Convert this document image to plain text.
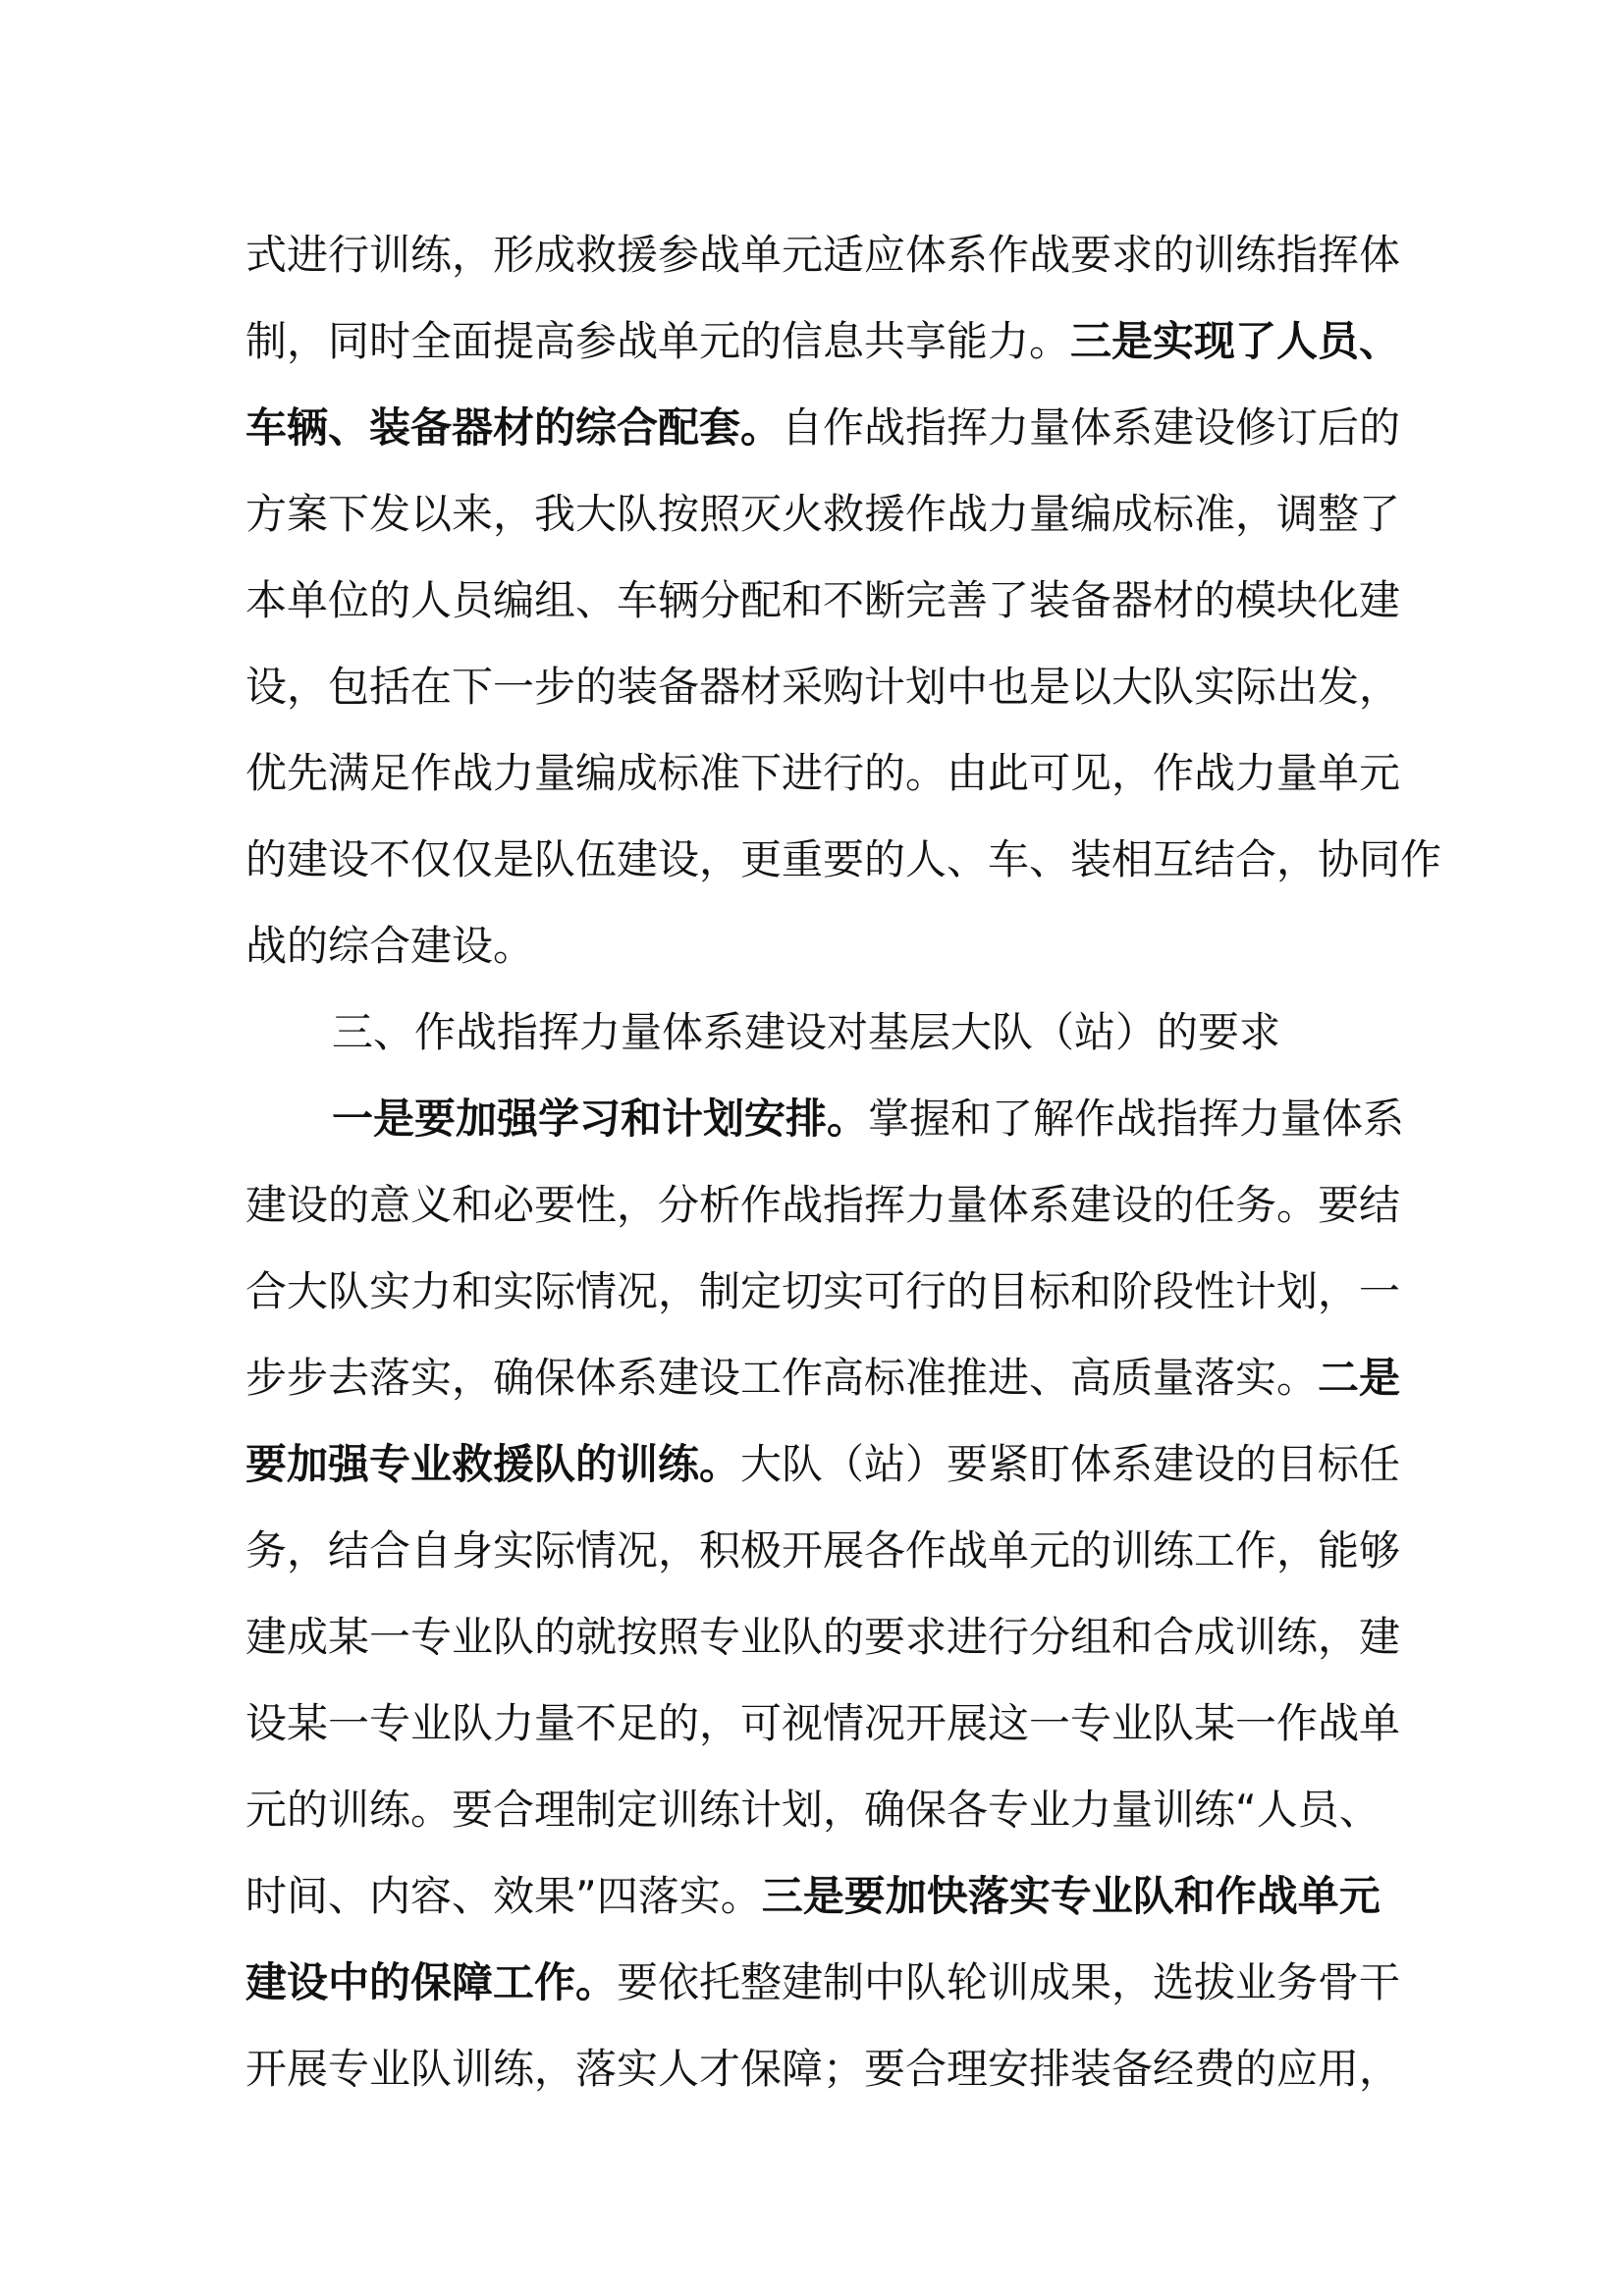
式进行训练，形成救援参战单元适应体系作战要求的训练指挥体
制，同时全面提高参战单元的信息共享能力。三是实现了人员、
车辆、装备器材的综合配套。自作战指挥力量体系建设修订后的
方案下发以来，我大队按照灭火救援作战力量编成标准，调整了
本单位的人员编组、车辆分配和不断完善了装备器材的模块化建
设，包括在下一步的装备器材采购计划中也是以大队实际出发，
优先满足作战力量编成标准下进行的。由此可见，作战力量单元
的建设不仅仅是队伍建设，更重要的人、车、装相互结合，协同作
战的综合建设。
三、作战指挥力量体系建设对基层大队（站）的要求
一是要加强学习和计划安排。掌握和了解作战指挥力量体系
建设的意义和必要性，分析作战指挥力量体系建设的任务。要结
合大队实力和实际情况，制定切实可行的目标和阶段性计划，一
步步去落实，确保体系建设工作高标准推进、高质量落实。二是
要加强专业救援队的训练。大队（站）要紧盯体系建设的目标任
务，结合自身实际情况，积极开展各作战单元的训练工作，能够
建成某一专业队的就按照专业队的要求进行分组和合成训练，建
设某一专业队力量不足的，可视情况开展这一专业队某一作战单
元的训练。要合理制定训练计划，确保各专业力量训练“人员、
时间、内容、效果”四落实。三是要加快落实专业队和作战单元
建设中的保障工作。要依托整建制中队轮训成果，选拔业务骨干
开展专业队训练，落实人才保障；要合理安排装备经费的应用，
